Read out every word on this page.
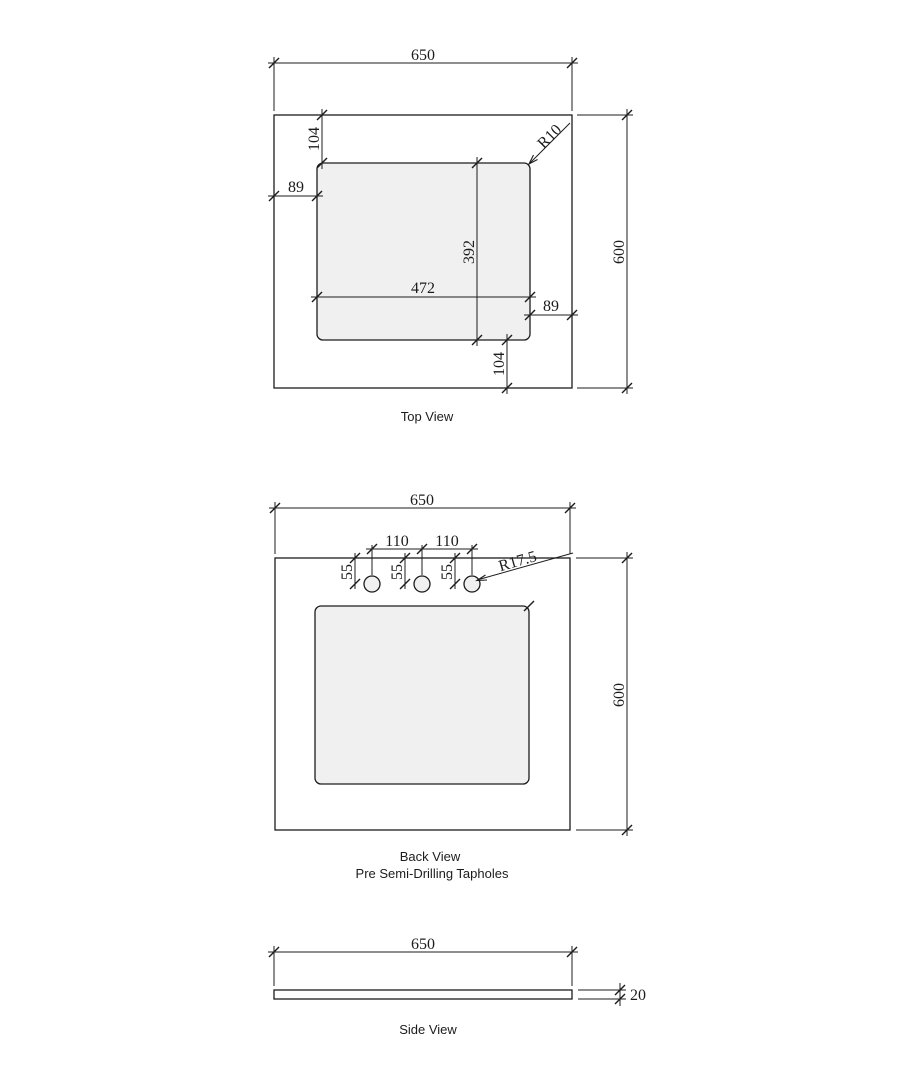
650
104
89
R10
392
472
89
104
600
Top View
650
110 110
55 55 55	R17.5
600
Back View
Pre Semi-Drilling Tapholes
650
20
Side View
